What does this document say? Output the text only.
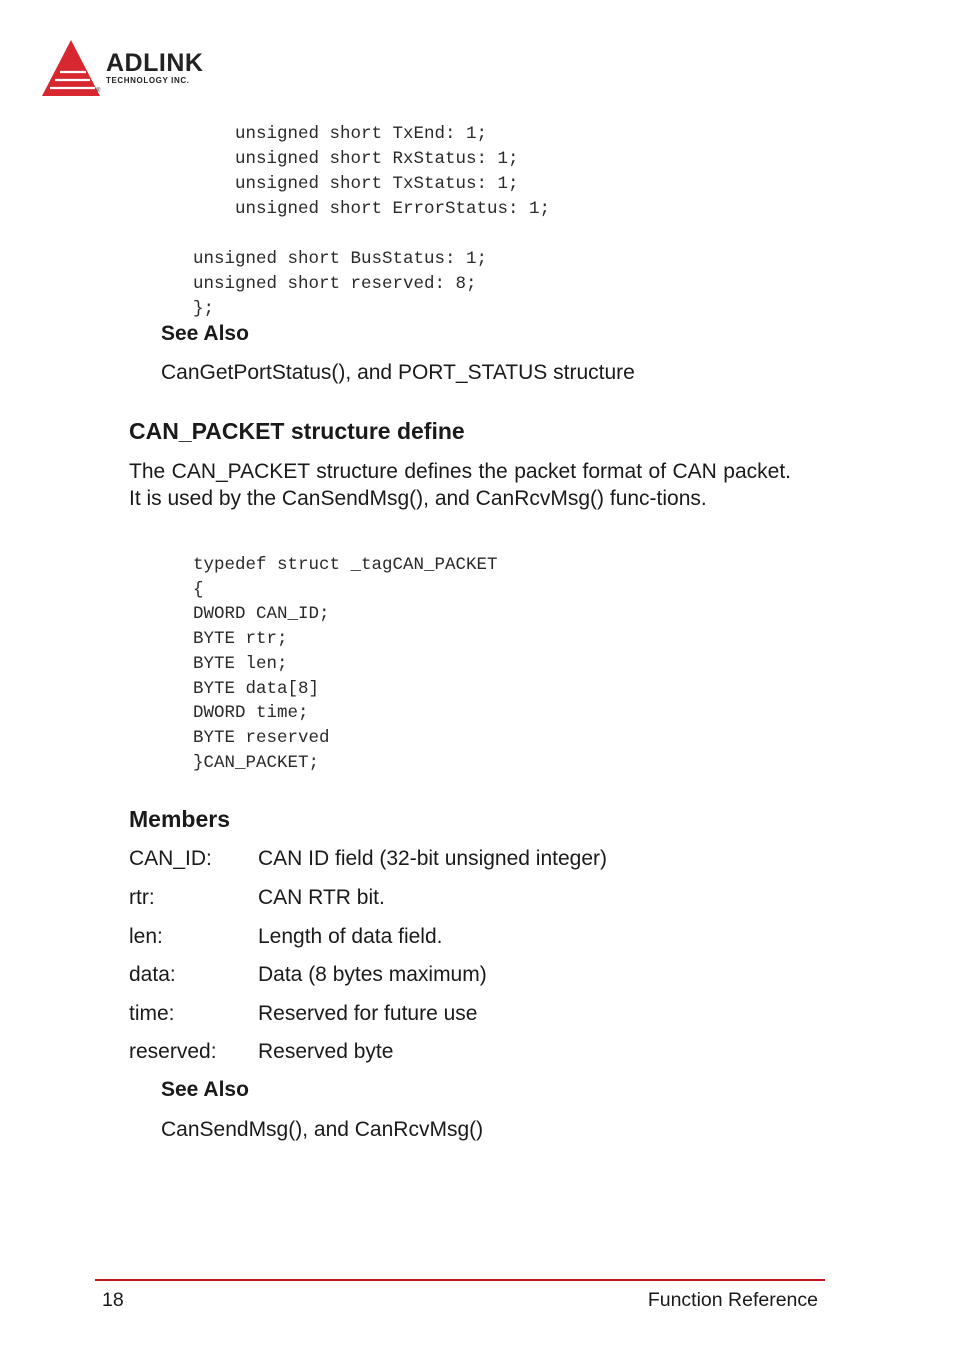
ADLINK
TECHNOLOGY INC.
®
unsigned short TxEnd: 1;
unsigned short RxStatus: 1;
unsigned short TxStatus: 1;
unsigned short ErrorStatus: 1;
unsigned short BusStatus: 1;
unsigned short reserved: 8;
};
See Also
CanGetPortStatus(), and PORT_STATUS structure
CAN_PACKET structure define
The CAN_PACKET structure defines the packet format of CAN packet. It is used by the CanSendMsg(), and CanRcvMsg() func-tions.
typedef struct _tagCAN_PACKET
{
DWORD CAN_ID;
BYTE rtr;
BYTE len;
BYTE data[8]
DWORD time;
BYTE reserved
}CAN_PACKET;
Members
CAN_ID: CAN ID field (32-bit unsigned integer)
rtr:	CAN RTR bit.
len:	Length of data field.
data:	Data (8 bytes maximum)
time:	Reserved for future use
reserved: Reserved byte
See Also
CanSendMsg(), and CanRcvMsg()
18	Function Reference
